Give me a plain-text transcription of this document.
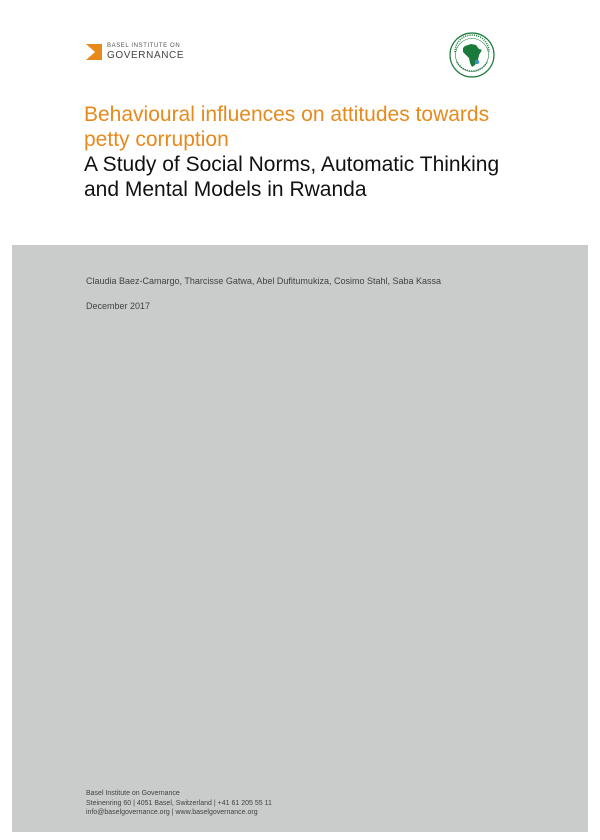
BASEL INSTITUTE ON
GOVERNANCE
Behavioural influences on attitudes towards
petty corruption
A Study of Social Norms, Automatic Thinking
and Mental Models in Rwanda
Claudia Baez-Camargo, Tharcisse Gatwa, Abel Dufitumukiza, Cosimo Stahl, Saba Kassa
December 2017
Basel Institute on Governance
Steinenring 60 | 4051 Basel, Switzerland | +41 61 205 55 11
info@baselgovernance.org | www.baselgovernance.org
